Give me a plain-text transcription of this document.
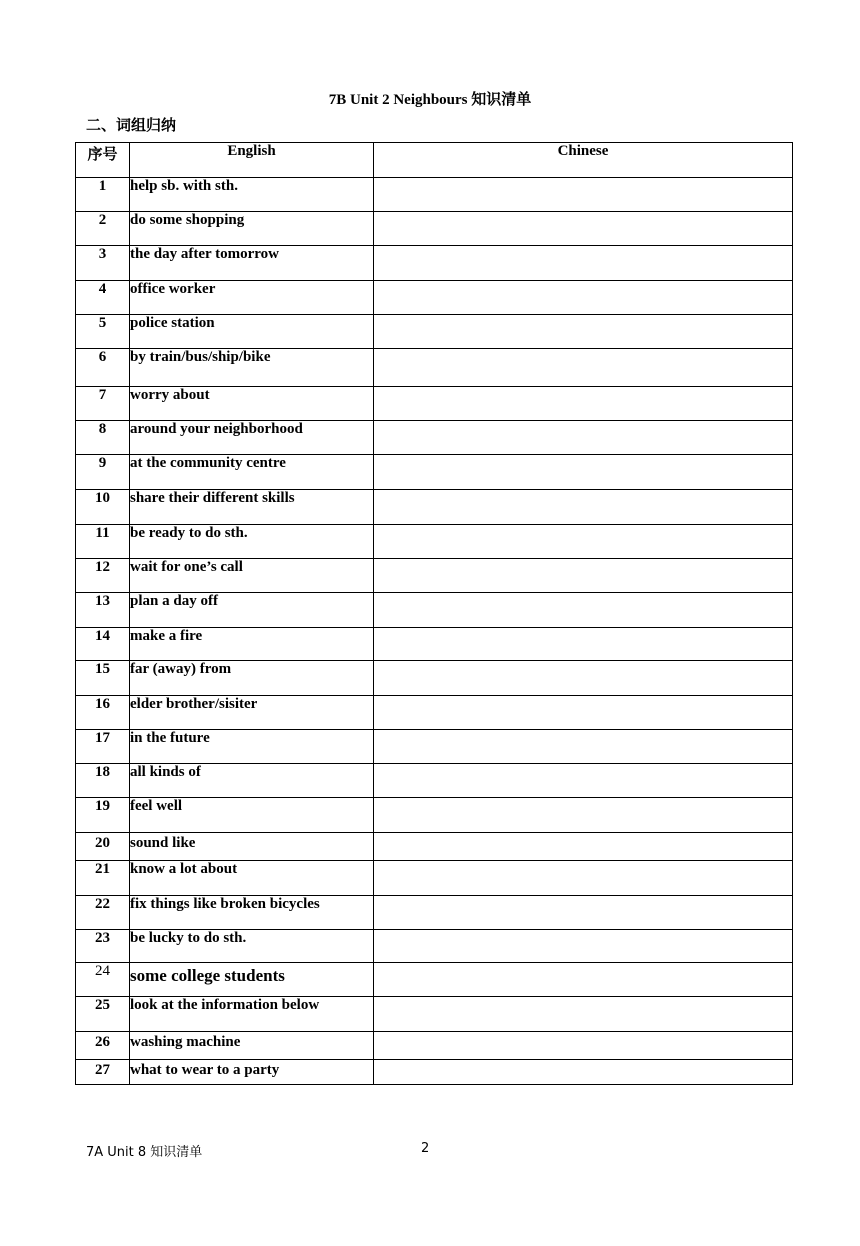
7B Unit 2 Neighbours 知识清单
二、词组归纳
序号	English	Chinese
1	help sb. with sth.	
2	do some shopping	
3	the day after tomorrow	
4	office worker	
5	police station	
6	by train/bus/ship/bike	
7	worry about	
8	around your neighborhood	
9	at the community centre	
10	share their different skills	
11	be ready to do sth.	
12	wait for one’s call	
13	plan a day off	
14	make a fire	
15	far (away) from	
16	elder brother/sisiter	
17	in the future	
18	all kinds of	
19	feel well	
20	sound like	
21	know a lot about	
22	fix things like broken bicycles	
23	be lucky to do sth.	
24	some college students	
25	look at the information below	
26	washing machine	
27	what to wear to a party	
7A Unit 8 知识清单	2
